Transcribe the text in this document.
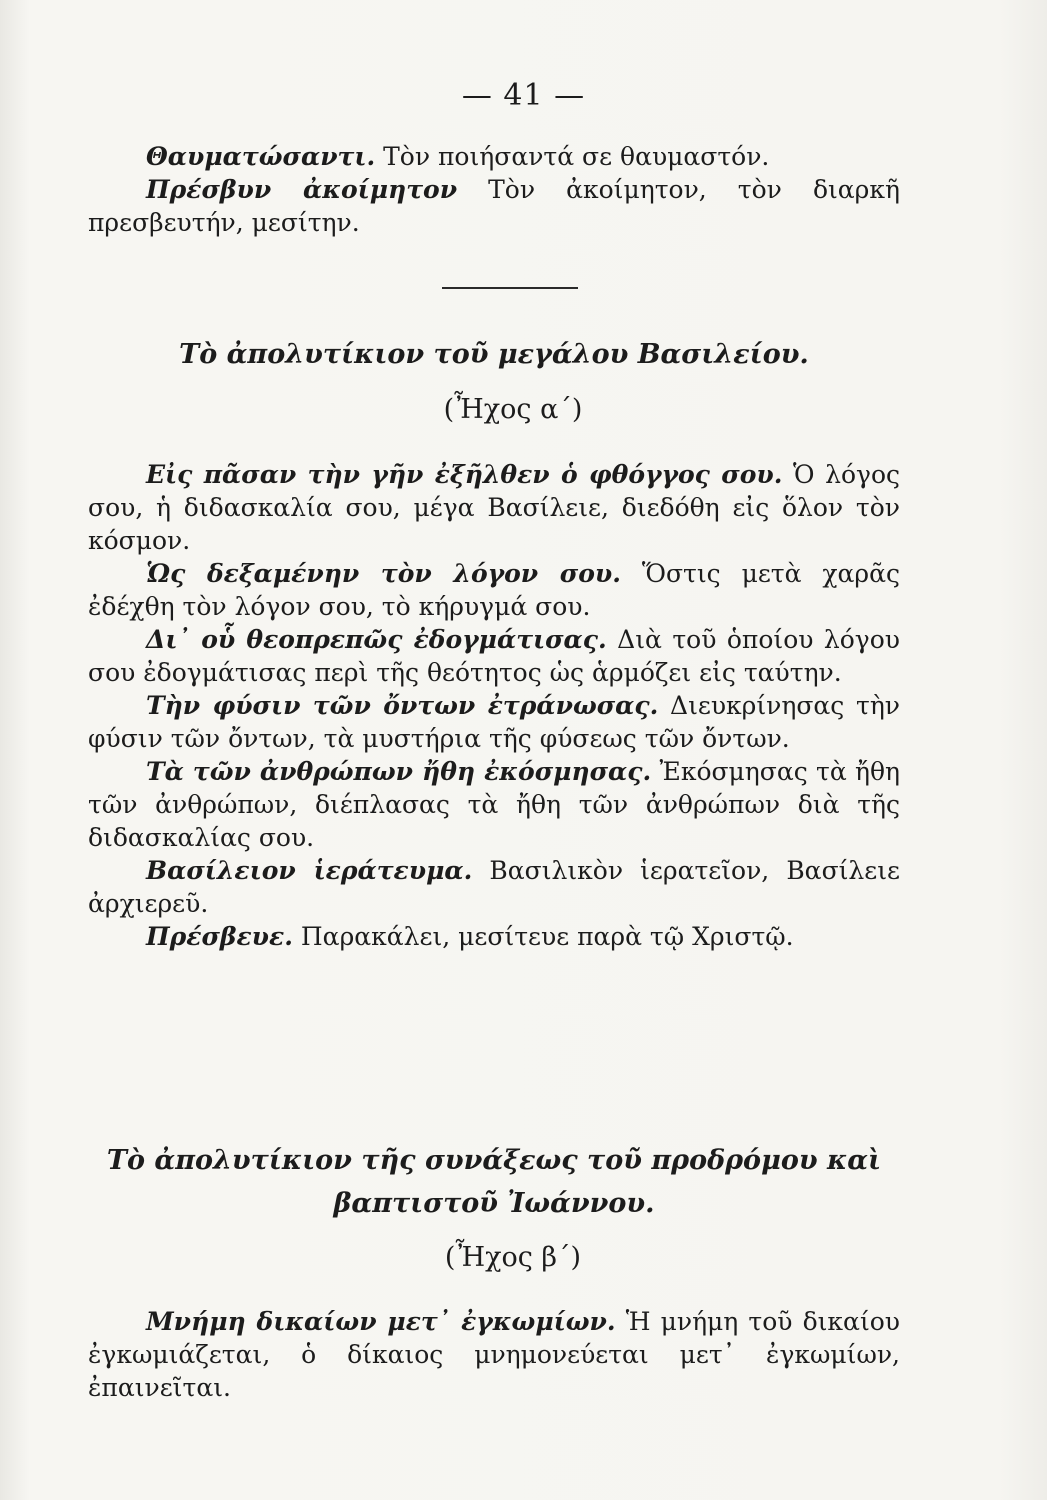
— 41 —

Θαυματώσαντι. Τὸν ποιήσαντά σε θαυμαστόν.

Πρέσβυν ἀκοίμητον Τὸν ἀκοίμητον, τὸν διαρκῆ πρεσβευτήν, μεσίτην.

Τὸ ἀπολυτίκιον τοῦ μεγάλου Βασιλείου.

(Ἦχος α΄)

Εἰς πᾶσαν τὴν γῆν ἐξῆλθεν ὁ φθόγγος σου. Ὁ λόγος σου, ἡ διδασκαλία σου, μέγα Βασίλειε, διεδόθη εἰς ὅλον τὸν κόσμον.

Ὡς δεξαμένην τὸν λόγον σου. Ὅστις μετὰ χαρᾶς ἐδέχθη τὸν λόγον σου, τὸ κήρυγμά σου.

Δι᾽ οὗ θεοπρεπῶς ἐδογμάτισας. Διὰ τοῦ ὁποίου λόγου σου ἐδογμάτισας περὶ τῆς θεότητος ὡς ἁρμόζει εἰς ταύτην.

Τὴν φύσιν τῶν ὄντων ἐτράνωσας. Διευκρίνησας τὴν φύσιν τῶν ὄντων, τὰ μυστήρια τῆς φύσεως τῶν ὄντων.

Τὰ τῶν ἀνθρώπων ἤθη ἐκόσμησας. Ἐκόσμησας τὰ ἤθη τῶν ἀνθρώπων, διέπλασας τὰ ἤθη τῶν ἀνθρώπων διὰ τῆς διδασκαλίας σου.

Βασίλειον ἱεράτευμα. Βασιλικὸν ἱερατεῖον, Βασίλειε ἀρχιερεῦ.

Πρέσβευε. Παρακάλει, μεσίτευε παρὰ τῷ Χριστῷ.

Τὸ ἀπολυτίκιον τῆς συνάξεως τοῦ προδρόμου καὶ

βαπτιστοῦ Ἰωάννου.

(Ἦχος β΄)

Μνήμη δικαίων μετ᾽ ἐγκωμίων. Ἡ μνήμη τοῦ δικαίου ἐγκωμιάζεται, ὁ δίκαιος μνημονεύεται μετ᾽ ἐγκωμίων, ἐπαινεῖται.
